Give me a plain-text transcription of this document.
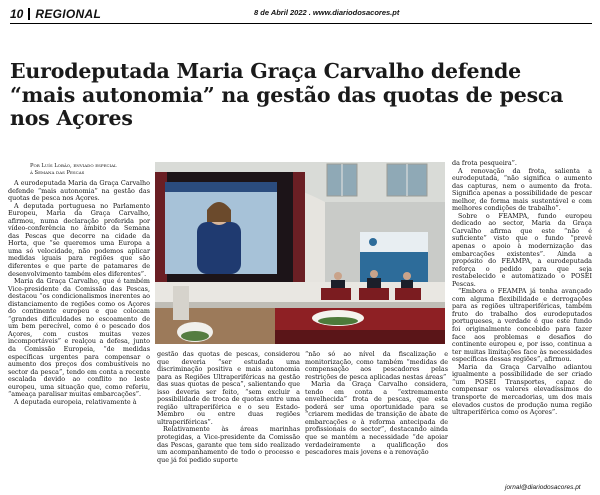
10 REGIONAL	8 de Abril 2022 . www.diariodosacores.pt
Eurodeputada Maria Graça Carvalho defende “mais autonomia” na gestão das quotas de pesca nos Açores
Por Luís Lobão, enviado especial
à Semana das Pescas

A eurodeputada Maria da Graça Carvalho defende “mais autonomia” na gestão das quotas de pesca nos Açores.

A deputada portuguesa no Parlamento Europeu, Maria da Graça Carvalho, afirmou, numa declaração proferida por vídeo-conferência no âmbito da Semana das Pescas que decorre na cidade da Horta, que “se queremos uma Europa a uma só velocidade, não podemos aplicar medidas iguais para regiões que são diferentes e que parte de patamares de desenvolvimento também eles diferentes”.

Maria da Graça Carvalho, que é também Vice-presidente da Comissão das Pescas, destacou “os condicionalismos inerentes ao distanciamento de regiões como os Açores do continente europeu e que colocam “grandes dificuldades no escoamento de um bem perecível, como é o pescado dos Açores, com custos muitas vezes incomportáveis” e realçou a defesa, junto da Comissão Europeia, “de medidas específicas urgentes para compensar o aumento dos preços dos combustíveis no sector da pesca”, tendo em conta a recente escalada devido ao conflito no leste europeu, uma situação que, como referiu, “ameaça paralisar muitas embarcações”.

A deputada europeia, relativamente à

gestão das quotas de pescas, considerou que deveria “ser estudada uma discriminação positiva e mais autonomia para as Regiões Ultraperiféricas na gestão das suas quotas de pesca”, salientando que isso deveria ser feito, “sem excluir a possibilidade de troca de quotas entre uma região ultraperiférica e o seu Estado-Membro ou entre duas regiões ultraperiféricas”.

Relativamente às áreas marinhas protegidas, a Vice-presidente da Comissão das Pescas, garante que tem sido realizado um acompanhamento de todo o processo e que já foi pedido suporte

“não só ao nível da fiscalização e monitorização, como também “medidas de compensação aos pescadores pelas restrições de pesca aplicadas nestas áreas”

Maria da Graça Carvalho considera, tendo em conta a “extremamente envelhecida” frota de pescas, que esta poderá ser uma oportunidade para se “criarem medidas de transição de abate de embarcações e à reforma antecipada de profissionais do sector”, destacando ainda que se mantém a necessidade “de apoiar verdadeiramente a qualificação dos pescadores mais jovens e a renovação

da frota pesqueira”.

A renovação da frota, salienta a eurodeputada, “não significa o aumento das capturas, nem o aumento da frota. Significa apenas a possibilidade de pescar melhor, de forma mais sustentável e com melhores condições de trabalho”.

Sobre o FEAMPA, fundo europeu dedicado ao sector, Maria da Graça Carvalho afirma que este “não é suficiente” visto que o fundo “prevê apenas o apoio à modernização das embarcações existentes”. Ainda a propósito do FEAMPA, a eurodeputada reforça o pedido para que seja restabelecido e automatizado o POSEI Pescas.

“Embora o FEAMPA já tenha avançado com alguma flexibilidade e derrogações para as regiões ultraperiféricas, também fruto do trabalho dos eurodeputados portugueses, a verdade é que este fundo foi originalmente concebido para fazer face aos problemas e desafios do continente europeu e, por isso, continua a ter muitas limitações face às necessidades específicas dessas regiões”, afirmou.

Maria da Graça Carvalho adiantou igualmente a possibilidade de ser criado “um POSEI Transportes, capaz de compensar os valores elevadíssimos do transporte de mercadorias, um dos mais elevados custos de produção numa região ultraperiférica como os Açores”.

jornal@diariodosacores.pt
